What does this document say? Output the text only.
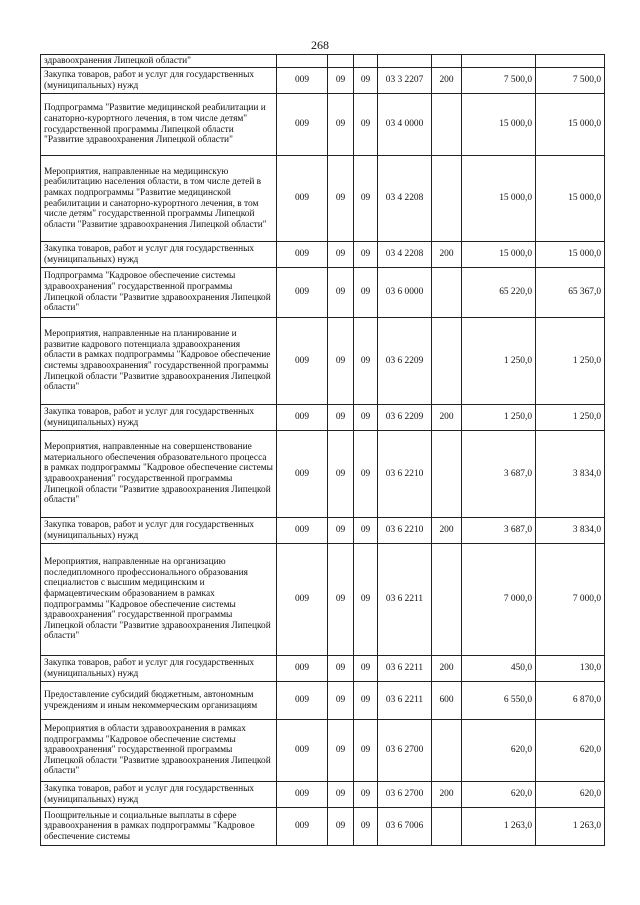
268
здравоохранения Липецкой области"							
Закупка товаров, работ и услуг для государственных (муниципальных) нужд	009	09	09	03 3 2207	200	7 500,0	7 500,0
Подпрограмма "Развитие медицинской реабилитации и санаторно-курортного лечения, в том числе детям" государственной программы Липецкой области "Развитие здравоохранения Липецкой области"	009	09	09	03 4 0000		15 000,0	15 000,0
Мероприятия, направленные на медицинскую реабилитацию населения области, в том числе детей в рамках подпрограммы "Развитие медицинской реабилитации и санаторно-курортного лечения, в том числе детям" государственной программы Липецкой области "Развитие здравоохранения Липецкой области"	009	09	09	03 4 2208		15 000,0	15 000,0
Закупка товаров, работ и услуг для государственных (муниципальных) нужд	009	09	09	03 4 2208	200	15 000,0	15 000,0
Подпрограмма "Кадровое обеспечение системы здравоохранения" государственной программы Липецкой области "Развитие здравоохранения Липецкой области"	009	09	09	03 6 0000		65 220,0	65 367,0
Мероприятия, направленные на планирование и развитие кадрового потенциала здравоохранения области в рамках подпрограммы "Кадровое обеспечение системы здравоохранения" государственной программы Липецкой области "Развитие здравоохранения Липецкой области"	009	09	09	03 6 2209		1 250,0	1 250,0
Закупка товаров, работ и услуг для государственных (муниципальных) нужд	009	09	09	03 6 2209	200	1 250,0	1 250,0
Мероприятия, направленные на совершенствование материального обеспечения образовательного процесса в рамках подпрограммы "Кадровое обеспечение системы здравоохранения" государственной программы Липецкой области "Развитие здравоохранения Липецкой области"	009	09	09	03 6 2210		3 687,0	3 834,0
Закупка товаров, работ и услуг для государственных (муниципальных) нужд	009	09	09	03 6 2210	200	3 687,0	3 834,0
Мероприятия, направленные на организацию последипломного профессионального образования специалистов с высшим медицинским и фармацевтическим образованием в рамках подпрограммы "Кадровое обеспечение системы здравоохранения" государственной программы Липецкой области "Развитие здравоохранения Липецкой области"	009	09	09	03 6 2211		7 000,0	7 000,0
Закупка товаров, работ и услуг для государственных (муниципальных) нужд	009	09	09	03 6 2211	200	450,0	130,0
Предоставление субсидий бюджетным, автономным учреждениям и иным некоммерческим организациям	009	09	09	03 6 2211	600	6 550,0	6 870,0
Мероприятия в области здравоохранения в рамках подпрограммы "Кадровое обеспечение системы здравоохранения" государственной программы Липецкой области "Развитие здравоохранения Липецкой области"	009	09	09	03 6 2700		620,0	620,0
Закупка товаров, работ и услуг для государственных (муниципальных) нужд	009	09	09	03 6 2700	200	620,0	620,0
Поощрительные и социальные выплаты в сфере здравоохранения в рамках подпрограммы "Кадровое обеспечение системы	009	09	09	03 6 7006		1 263,0	1 263,0
